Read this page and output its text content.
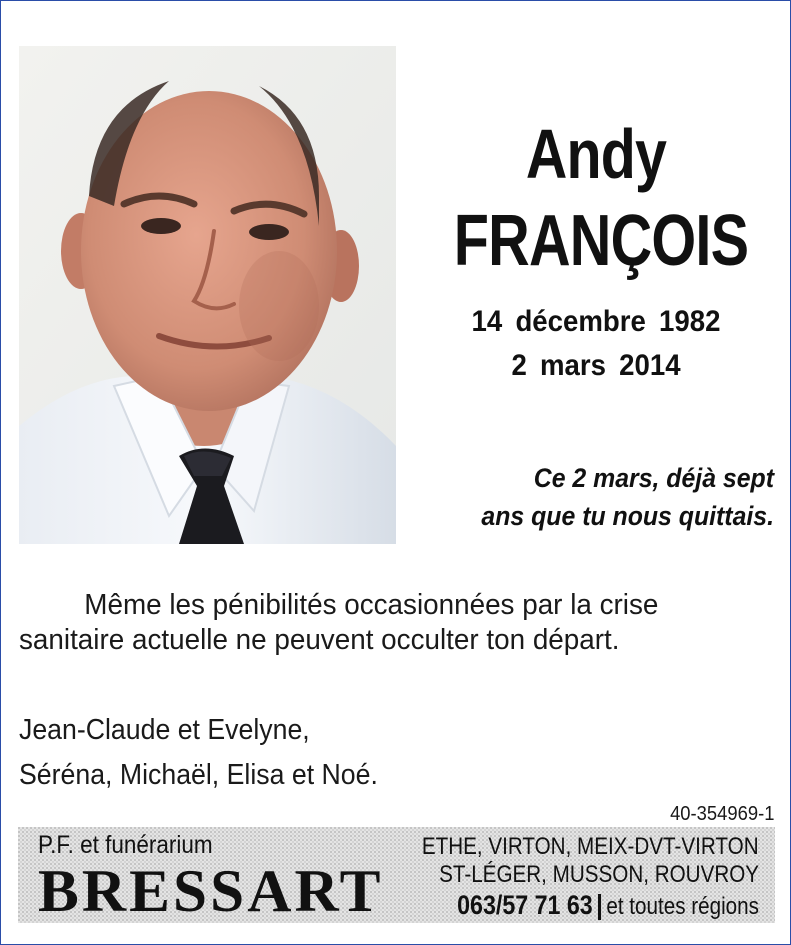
Andy
FRANÇOIS
14 décembre 1982
2 mars 2014
Ce 2 mars, déjà sept
ans que tu nous quittais.
Même les pénibilités occasionnées par la crise
sanitaire actuelle ne peuvent occulter ton départ.
Jean-Claude et Evelyne,
Séréna, Michaël, Elisa et Noé.
40-354969-1
P.F. et funérarium
BRESSART
ETHE, VIRTON, MEIX-DVT-VIRTON
ST-LÉGER, MUSSON, ROUVROY
063/57 71 63 | et toutes régions
